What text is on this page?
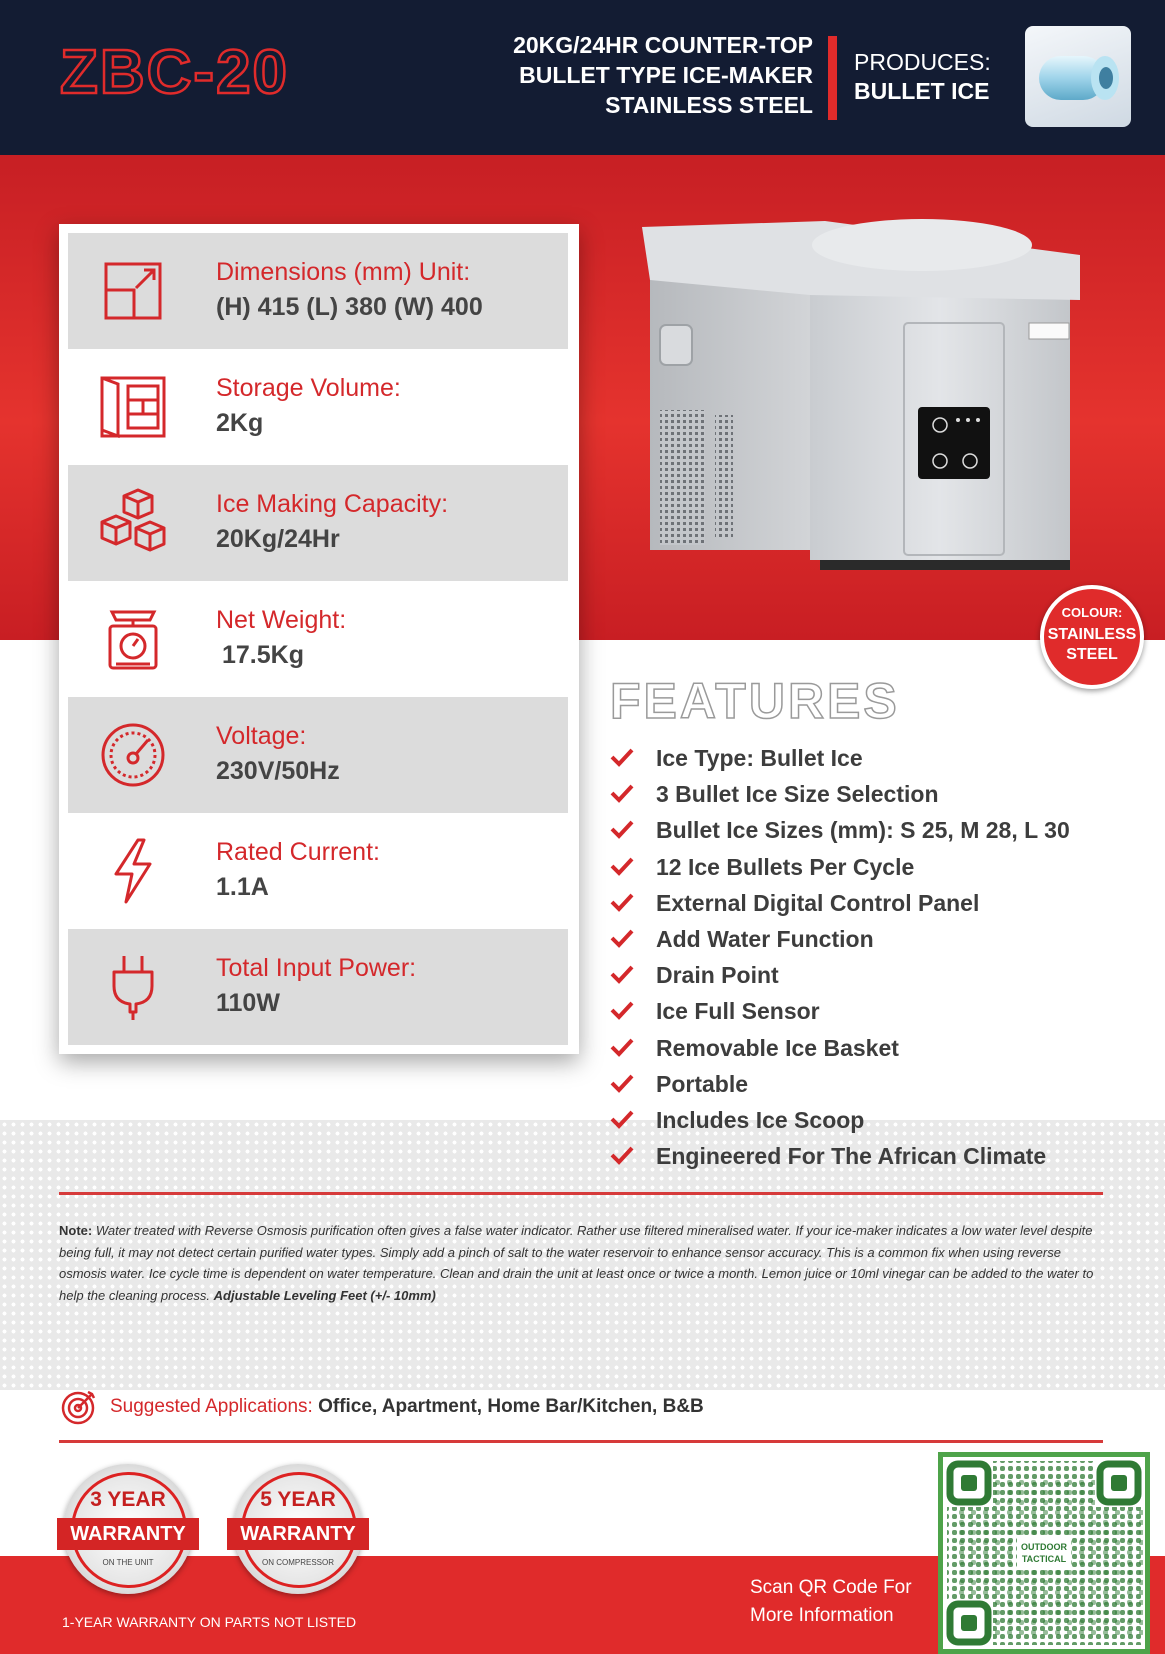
ZBC-20	20KG/24HR COUNTER-TOP
BULLET TYPE ICE-MAKER
STAINLESS STEEL
PRODUCES:
BULLET ICE
Dimensions (mm) Unit:
(H) 415 (L) 380 (W) 400
Storage Volume:
2Kg
Ice Making Capacity:
20Kg/24Hr
Net Weight:
17.5Kg
Voltage:
230V/50Hz
Rated Current:
1.1A
Total Input Power:
110W
COLOUR:
STAINLESS
STEEL
FEATURES
Ice Type: Bullet Ice
3 Bullet Ice Size Selection
Bullet Ice Sizes (mm): S 25, M 28, L 30
12 Ice Bullets Per Cycle
External Digital Control Panel
Add Water Function
Drain Point
Ice Full Sensor
Removable Ice Basket
Portable
Includes Ice Scoop
Engineered For The African Climate
Note: Water treated with Reverse Osmosis purification often gives a false water indicator. Rather use filtered mineralised water. If your ice-maker indicates a low water level despite being full, it may not detect certain purified water types. Simply add a pinch of salt to the water reservoir to enhance sensor accuracy. This is a common fix when using reverse osmosis water. Ice cycle time is dependent on water temperature. Clean and drain the unit at least once or twice a month. Lemon juice or 10ml vinegar can be added to the water to help the cleaning process. Adjustable Leveling Feet (+/- 10mm)
Suggested Applications: Office, Apartment, Home Bar/Kitchen, B&B
3 YEAR
WARRANTY
ON THE UNIT
5 YEAR
WARRANTY
ON COMPRESSOR
1-YEAR WARRANTY ON PARTS NOT LISTED
Scan QR Code For
More Information
OUTDOOR
TACTICAL
